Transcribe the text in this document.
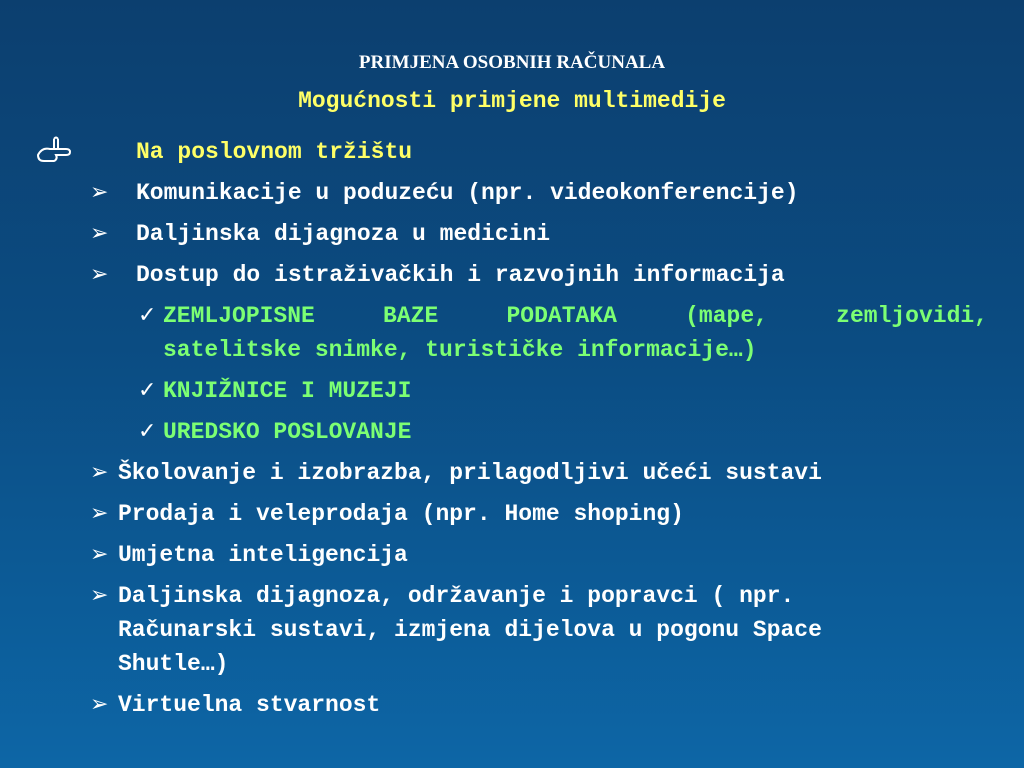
PRIMJENA OSOBNIH RAČUNALA
Mogućnosti primjene multimedije
Na poslovnom tržištu
➢ Komunikacije u poduzeću (npr. videokonferencije)
➢ Daljinska dijagnoza u medicini
➢ Dostup do istraživačkih i razvojnih informacija
✓ ZEMLJOPISNE BAZE PODATAKA (mape, zemljovidi,
satelitske snimke, turističke informacije…)
✓ KNJIŽNICE I MUZEJI
✓ UREDSKO POSLOVANJE
➢ Školovanje i izobrazba, prilagodljivi učeći sustavi
➢ Prodaja i veleprodaja (npr. Home shoping)
➢ Umjetna inteligencija
➢ Daljinska dijagnoza, održavanje i popravci ( npr.
Računarski sustavi, izmjena dijelova u pogonu Space
Shutle…)
➢ Virtuelna stvarnost
